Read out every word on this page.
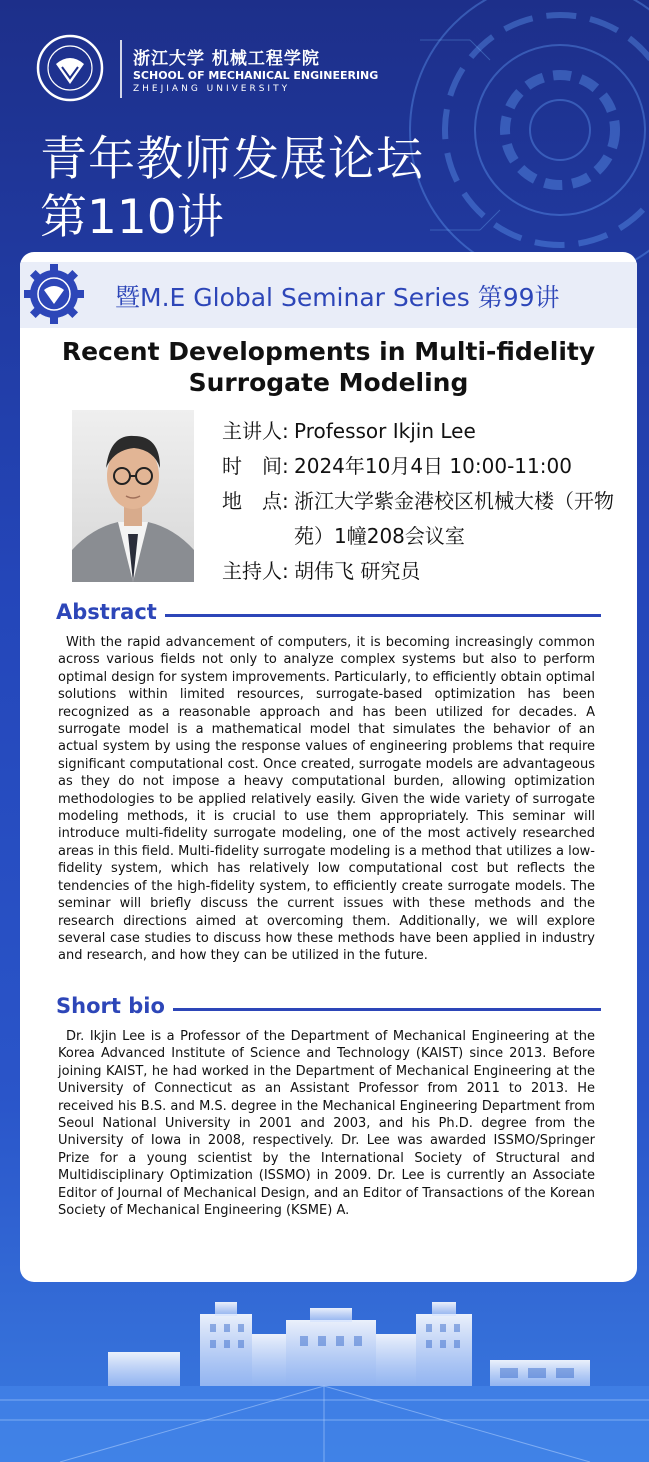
浙江大学 机械工程学院
SCHOOL OF MECHANICAL ENGINEERING
ZHEJIANG UNIVERSITY
青年教师发展论坛
第110讲
暨M.E Global Seminar Series 第99讲
Recent Developments in Multi-fidelity Surrogate Modeling
主讲人: Professor Ikjin Lee
时　间: 2024年10月4日 10:00-11:00
地　点: 浙江大学紫金港校区机械大楼（开物苑）1幢208会议室
主持人: 胡伟飞 研究员
Abstract
With the rapid advancement of computers, it is becoming increasingly common across various fields not only to analyze complex systems but also to perform optimal design for system improvements. Particularly, to efficiently obtain optimal solutions within limited resources, surrogate-based optimization has been recognized as a reasonable approach and has been utilized for decades. A surrogate model is a mathematical model that simulates the behavior of an actual system by using the response values of engineering problems that require significant computational cost. Once created, surrogate models are advantageous as they do not impose a heavy computational burden, allowing optimization methodologies to be applied relatively easily. Given the wide variety of surrogate modeling methods, it is crucial to use them appropriately. This seminar will introduce multi-fidelity surrogate modeling, one of the most actively researched areas in this field. Multi-fidelity surrogate modeling is a method that utilizes a low-fidelity system, which has relatively low computational cost but reflects the tendencies of the high-fidelity system, to efficiently create surrogate models. The seminar will briefly discuss the current issues with these methods and the research directions aimed at overcoming them. Additionally, we will explore several case studies to discuss how these methods have been applied in industry and research, and how they can be utilized in the future.
Short bio
Dr. Ikjin Lee is a Professor of the Department of Mechanical Engineering at the Korea Advanced Institute of Science and Technology (KAIST) since 2013. Before joining KAIST, he had worked in the Department of Mechanical Engineering at the University of Connecticut as an Assistant Professor from 2011 to 2013. He received his B.S. and M.S. degree in the Mechanical Engineering Department from Seoul National University in 2001 and 2003, and his Ph.D. degree from the University of Iowa in 2008, respectively. Dr. Lee was awarded ISSMO/Springer Prize for a young scientist by the International Society of Structural and Multidisciplinary Optimization (ISSMO) in 2009. Dr. Lee is currently an Associate Editor of Journal of Mechanical Design, and an Editor of Transactions of the Korean Society of Mechanical Engineering (KSME) A.
